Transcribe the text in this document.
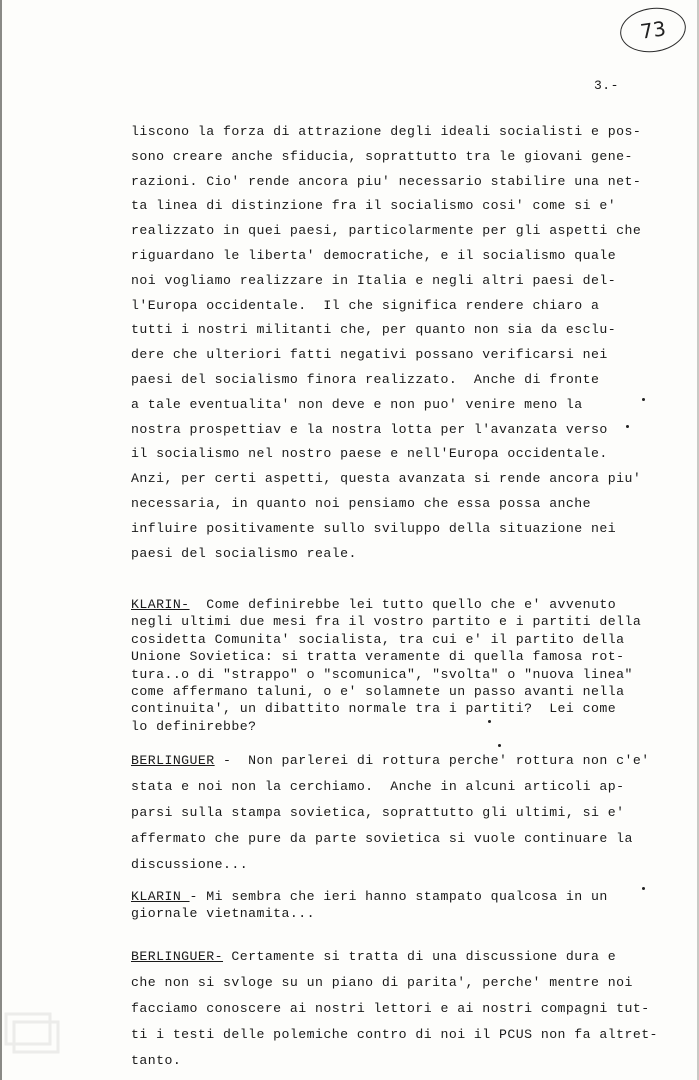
73
3.-
liscono la forza di attrazione degli ideali socialisti e pos-
sono creare anche sfiducia, soprattutto tra le giovani gene-
razioni. Cio' rende ancora piu' necessario stabilire una net-
ta linea di distinzione fra il socialismo cosi' come si e'
realizzato in quei paesi, particolarmente per gli aspetti che
riguardano le liberta' democratiche, e il socialismo quale
noi vogliamo realizzare in Italia e negli altri paesi del-
l'Europa occidentale.  Il che significa rendere chiaro a
tutti i nostri militanti che, per quanto non sia da esclu-
dere che ulteriori fatti negativi possano verificarsi nei
paesi del socialismo finora realizzato.  Anche di fronte
a tale eventualita' non deve e non puo' venire meno la
nostra prospettiav e la nostra lotta per l'avanzata verso
il socialismo nel nostro paese e nell'Europa occidentale.
Anzi, per certi aspetti, questa avanzata si rende ancora piu'
necessaria, in quanto noi pensiamo che essa possa anche
influire positivamente sullo sviluppo della situazione nei
paesi del socialismo reale.
KLARIN-  Come definirebbe lei tutto quello che e' avvenuto
negli ultimi due mesi fra il vostro partito e i partiti della
cosidetta Comunita' socialista, tra cui e' il partito della
Unione Sovietica: si tratta veramente di quella famosa rot-
tura..o di "strappo" o "scomunica", "svolta" o "nuova linea"
come affermano taluni, o e' solamnete un passo avanti nella
continuita', un dibattito normale tra i partiti?  Lei come
lo definirebbe?
BERLINGUER -  Non parlerei di rottura perche' rottura non c'e'
stata e noi non la cerchiamo.  Anche in alcuni articoli ap-
parsi sulla stampa sovietica, soprattutto gli ultimi, si e'
affermato che pure da parte sovietica si vuole continuare la
discussione...
KLARIN - Mi sembra che ieri hanno stampato qualcosa in un
giornale vietnamita...
BERLINGUER- Certamente si tratta di una discussione dura e
che non si svloge su un piano di parita', perche' mentre noi
facciamo conoscere ai nostri lettori e ai nostri compagni tut-
ti i testi delle polemiche contro di noi il PCUS non fa altret-
tanto.
